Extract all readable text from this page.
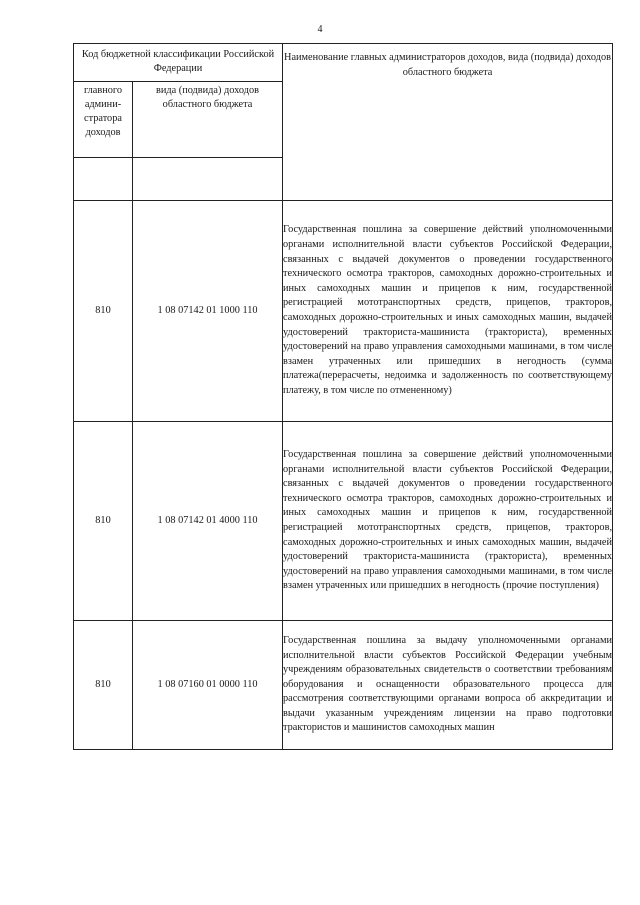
4
Код бюджетной классификации Российской Федерации		Наименование главных администраторов доходов, вида (подвида) доходов областного бюджета
главного админи-стратора доходов	вида (подвида) доходов областного бюджета	

810	1 08 07142 01 1000 110	Государственная пошлина за совершение действий уполномоченными органами исполнительной власти субъектов Российской Федерации, связанных с выдачей документов о проведении государственного технического осмотра тракторов, самоходных дорожно-строительных и иных самоходных машин и прицепов к ним, государственной регистрацией мототранспортных средств, прицепов, тракторов, самоходных дорожно-строительных и иных самоходных машин, выдачей удостоверений тракториста-машиниста (тракториста), временных удостоверений на право управления самоходными машинами, в том числе взамен утраченных или пришедших в негодность (сумма платежа(перерасчеты, недоимка и задолженность по соответствующему платежу, в том числе по отмененному)
810	1 08 07142 01 4000 110	Государственная пошлина за совершение действий уполномоченными органами исполнительной власти субъектов Российской Федерации, связанных с выдачей документов о проведении государственного технического осмотра тракторов, самоходных дорожно-строительных и иных самоходных машин и прицепов к ним, государственной регистрацией мототранспортных средств, прицепов, тракторов, самоходных дорожно-строительных и иных самоходных машин, выдачей удостоверений тракториста-машиниста (тракториста), временных удостоверений на право управления самоходными машинами, в том числе взамен утраченных или пришедших в негодность (прочие поступления)
810	1 08 07160 01 0000 110	Государственная пошлина за выдачу уполномоченными органами исполнительной власти субъектов Российской Федерации учебным учреждениям образовательных свидетельств о соответствии требованиям оборудования и оснащенности образовательного процесса для рассмотрения соответствующими органами вопроса об аккредитации и выдачи указанным учреждениям лицензии на право подготовки трактористов и машинистов самоходных машин
